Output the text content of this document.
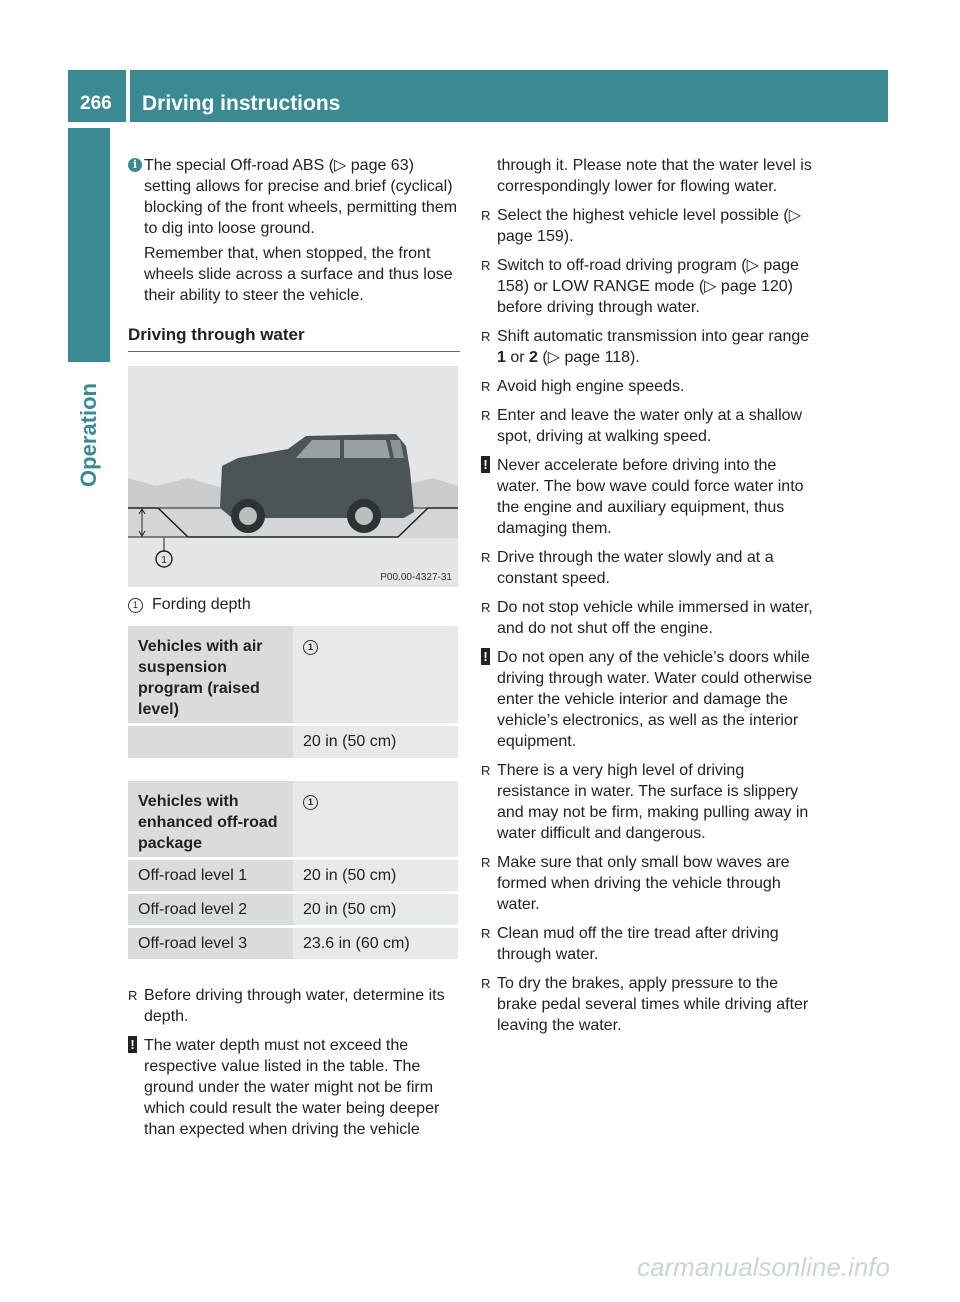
266	Driving instructions
Operation
i The special Off-road ABS (▷ page 63) setting allows for precise and brief (cyclical) blocking of the front wheels, permitting them to dig into loose ground.

Remember that, when stopped, the front wheels slide across a surface and thus lose their ability to steer the vehicle.

Driving through water

1
P00.00-4327-31
1 Fording depth
Vehicles with air suspension program (raised level)	1

	20 in (50 cm)
Vehicles with enhanced off-road package	1

Off-road level 1	20 in (50 cm)

Off-road level 2	20 in (50 cm)

Off-road level 3	23.6 in (60 cm)

R Before driving through water, determine its depth.

! The water depth must not exceed the respective value listed in the table. The ground under the water might not be firm which could result the water being deeper than expected when driving the vehicle

through it. Please note that the water level is correspondingly lower for flowing water.

R Select the highest vehicle level possible (▷ page 159).

R Switch to off-road driving program (▷ page 158) or LOW RANGE mode (▷ page 120) before driving through water.

R Shift automatic transmission into gear range 1 or 2 (▷ page 118).

R Avoid high engine speeds.

R Enter and leave the water only at a shallow spot, driving at walking speed.

! Never accelerate before driving into the water. The bow wave could force water into the engine and auxiliary equipment, thus damaging them.

R Drive through the water slowly and at a constant speed.

R Do not stop vehicle while immersed in water, and do not shut off the engine.

! Do not open any of the vehicle’s doors while driving through water. Water could otherwise enter the vehicle interior and damage the vehicle’s electronics, as well as the interior equipment.

R There is a very high level of driving resistance in water. The surface is slippery and may not be firm, making pulling away in water difficult and dangerous.

R Make sure that only small bow waves are formed when driving the vehicle through water.

R Clean mud off the tire tread after driving through water.

R To dry the brakes, apply pressure to the brake pedal several times while driving after leaving the water.

carmanualsonline.info
